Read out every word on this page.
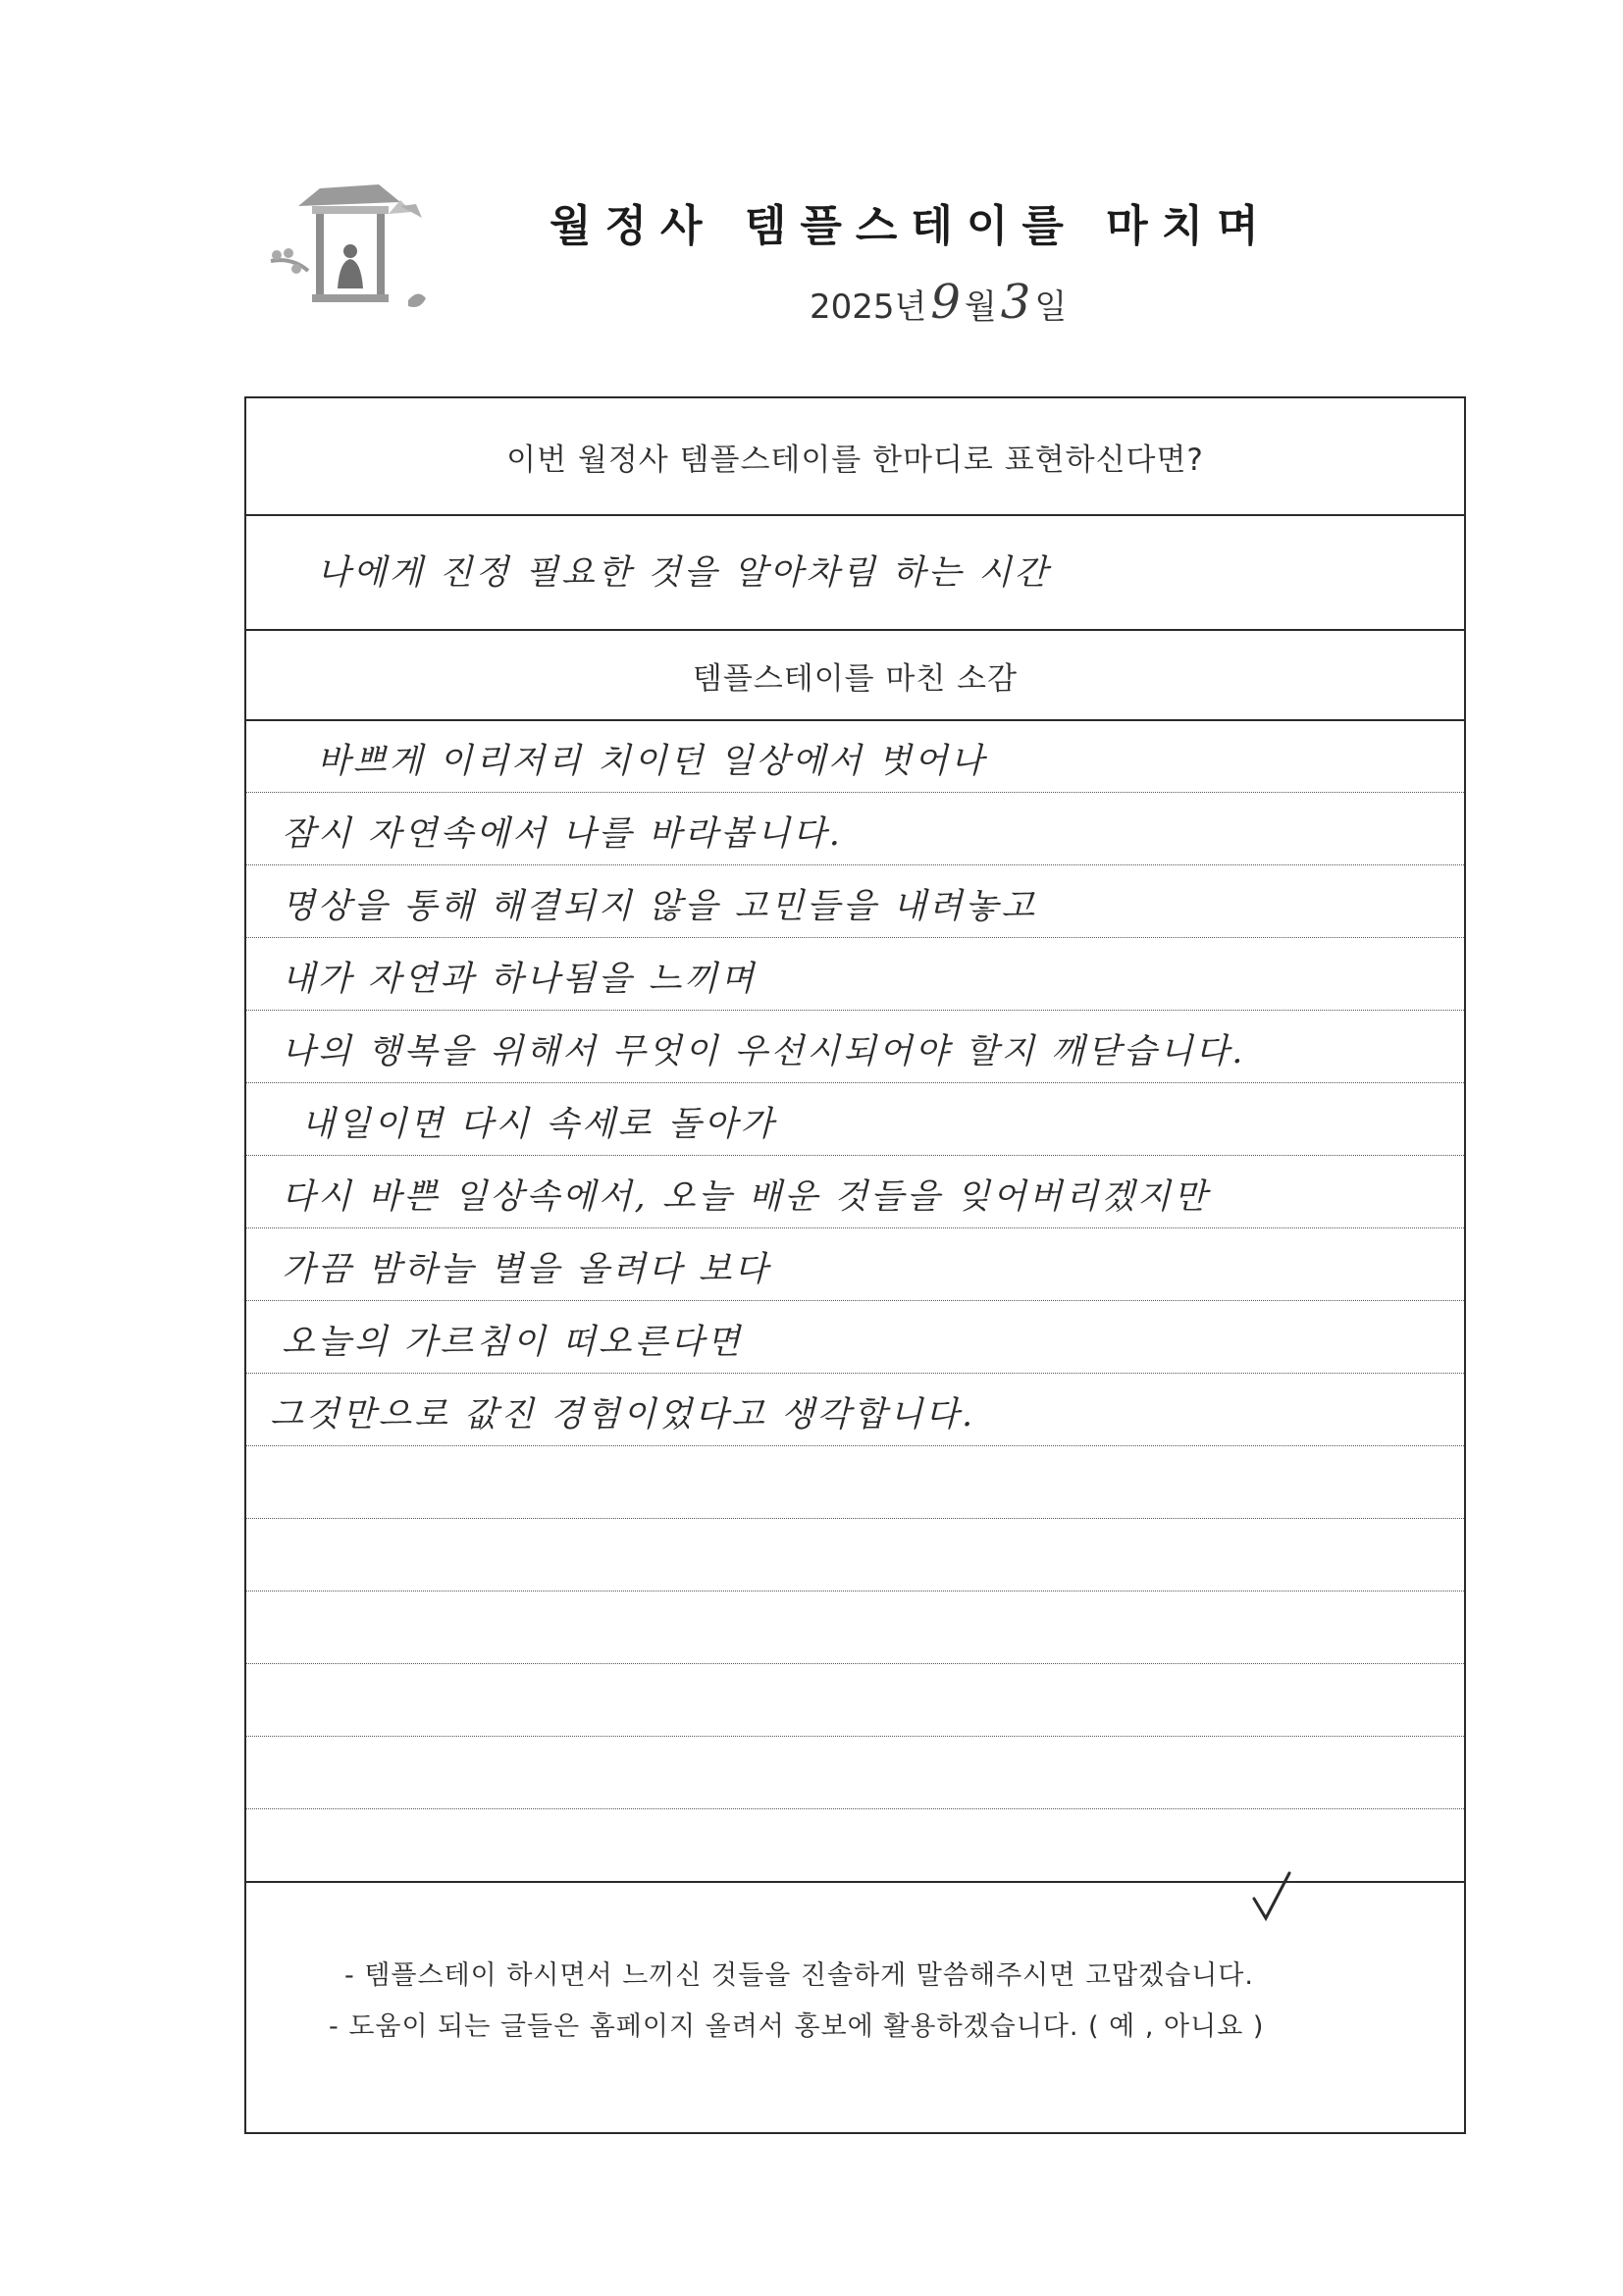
월정사 템플스테이를 마치며
2025년 9 월 3 일
이번 월정사 템플스테이를 한마디로 표현하신다면?
나에게 진정 필요한 것을 알아차림 하는 시간
템플스테이를 마친 소감
바쁘게 이리저리 치이던 일상에서 벗어나
잠시 자연속에서 나를 바라봅니다.
명상을 통해 해결되지 않을 고민들을 내려놓고
내가 자연과 하나됨을 느끼며
나의 행복을 위해서 무엇이 우선시되어야 할지 깨닫습니다.
내일이면 다시 속세로 돌아가
다시 바쁜 일상속에서, 오늘 배운 것들을 잊어버리겠지만
가끔 밤하늘 별을 올려다 보다
오늘의 가르침이 떠오른다면
그것만으로 값진 경험이었다고 생각합니다.
- 템플스테이 하시면서 느끼신 것들을 진솔하게 말씀해주시면 고맙겠습니다.
- 도움이 되는 글들은 홈페이지 올려서 홍보에 활용하겠습니다. ( 예 , 아니요 )
